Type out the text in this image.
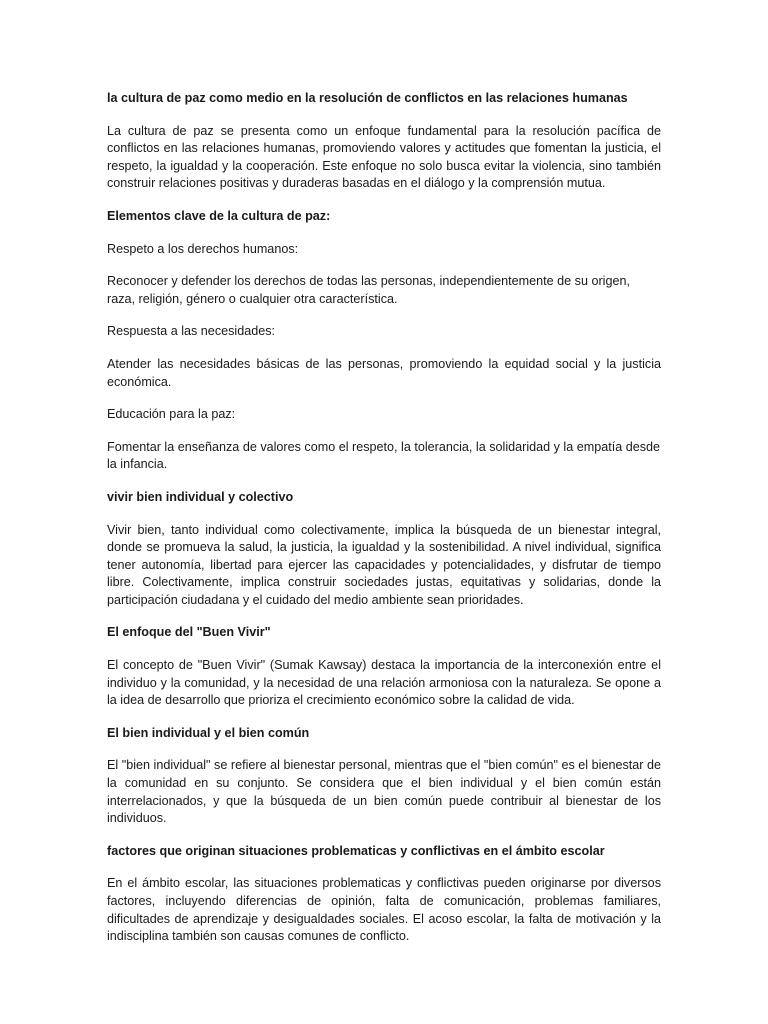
la cultura de paz como medio en la resolución de conflictos en las relaciones humanas

La cultura de paz se presenta como un enfoque fundamental para la resolución pacífica de conflictos en las relaciones humanas, promoviendo valores y actitudes que fomentan la justicia, el respeto, la igualdad y la cooperación. Este enfoque no solo busca evitar la violencia, sino también construir relaciones positivas y duraderas basadas en el diálogo y la comprensión mutua.

Elementos clave de la cultura de paz:

Respeto a los derechos humanos:

Reconocer y defender los derechos de todas las personas, independientemente de su origen, raza, religión, género o cualquier otra característica.

Respuesta a las necesidades:

Atender las necesidades básicas de las personas, promoviendo la equidad social y la justicia económica.

Educación para la paz:

Fomentar la enseñanza de valores como el respeto, la tolerancia, la solidaridad y la empatía desde la infancia.

vivir bien individual y colectivo

Vivir bien, tanto individual como colectivamente, implica la búsqueda de un bienestar integral, donde se promueva la salud, la justicia, la igualdad y la sostenibilidad. A nivel individual, significa tener autonomía, libertad para ejercer las capacidades y potencialidades, y disfrutar de tiempo libre. Colectivamente, implica construir sociedades justas, equitativas y solidarias, donde la participación ciudadana y el cuidado del medio ambiente sean prioridades.

El enfoque del "Buen Vivir"

El concepto de "Buen Vivir" (Sumak Kawsay) destaca la importancia de la interconexión entre el individuo y la comunidad, y la necesidad de una relación armoniosa con la naturaleza. Se opone a la idea de desarrollo que prioriza el crecimiento económico sobre la calidad de vida.

El bien individual y el bien común

El "bien individual" se refiere al bienestar personal, mientras que el "bien común" es el bienestar de la comunidad en su conjunto. Se considera que el bien individual y el bien común están interrelacionados, y que la búsqueda de un bien común puede contribuir al bienestar de los individuos.

factores que originan situaciones problematicas y conflictivas en el ámbito escolar

En el ámbito escolar, las situaciones problematicas y conflictivas pueden originarse por diversos factores, incluyendo diferencias de opinión, falta de comunicación, problemas familiares, dificultades de aprendizaje y desigualdades sociales. El acoso escolar, la falta de motivación y la indisciplina también son causas comunes de conflicto.
